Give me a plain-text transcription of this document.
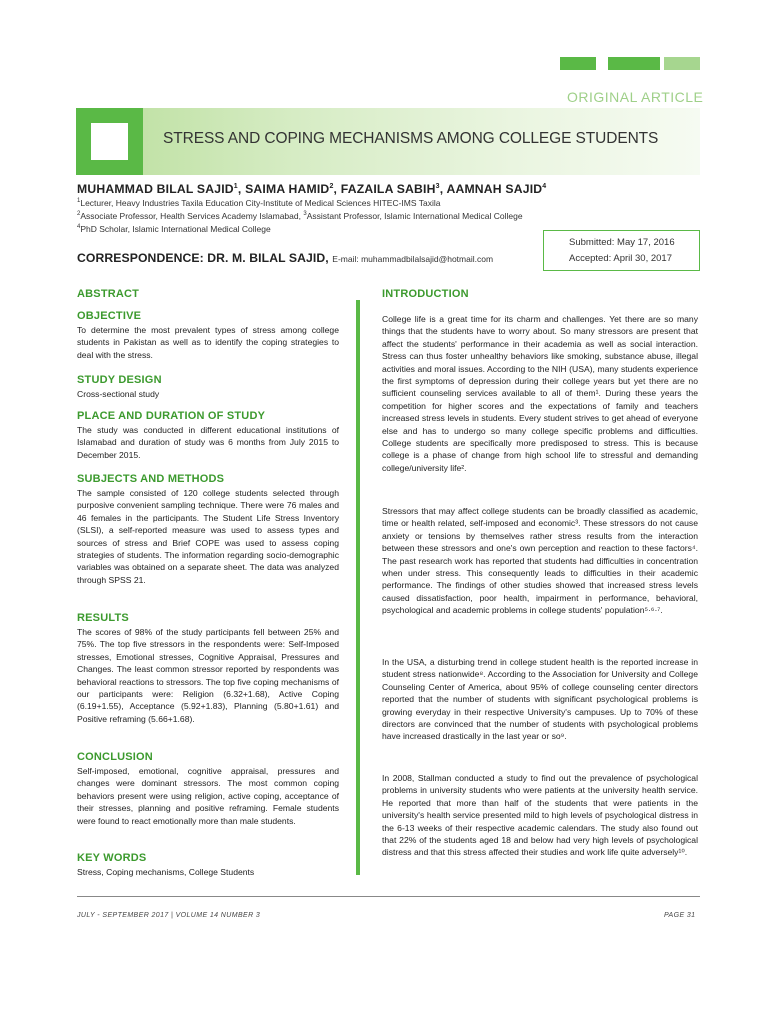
ORIGINAL ARTICLE
STRESS AND COPING MECHANISMS AMONG COLLEGE STUDENTS
MUHAMMAD BILAL SAJID$^1$, SAIMA HAMID$^2$, FAZAILA SABIH$^3$, AAMNAH SAJID$^4$
$^1$Lecturer, Heavy Industries Taxila Education City-Institute of Medical Sciences HITEC-IMS Taxila
$^2$Associate Professor, Health Services Academy Islamabad, $^3$Assistant Professor, Islamic International Medical College
$^4$PhD Scholar, Islamic International Medical College
CORRESPONDENCE: DR. M. BILAL SAJID, E-mail: muhammadbilalsajid@hotmail.com
Submitted: May 17, 2016
Accepted: April 30, 2017
ABSTRACT
OBJECTIVE

To determine the most prevalent types of stress among college students in Pakistan as well as to identify the coping strategies to deal with the stress.

STUDY DESIGN

Cross-sectional study

PLACE AND DURATION OF STUDY

The study was conducted in different educational institutions of Islamabad and duration of study was 6 months from July 2015 to December 2015.

SUBJECTS AND METHODS

The sample consisted of 120 college students selected through purposive convenient sampling technique. There were 76 males and 46 females in the participants. The Student Life Stress Inventory (SLSI), a self-reported measure was used to assess types and sources of stress and Brief COPE was used to assess coping strategies of students. The information regarding socio-demographic variables was obtained on a separate sheet. The data was analyzed through SPSS 21.

RESULTS

The scores of 98% of the study participants fell between 25% and 75%. The top five stressors in the respondents were: Self-Imposed stresses, Emotional stresses, Cognitive Appraisal, Pressures and Changes. The least common stressor reported by respondents was behavioral reactions to stressors. The top five coping mechanisms of our participants were: Religion (6.32+1.68), Active Coping (6.19+1.55), Acceptance (5.92+1.83), Planning (5.80+1.61) and Positive reframing (5.66+1.68).

CONCLUSION

Self-imposed, emotional, cognitive appraisal, pressures and changes were dominant stressors. The most common coping behaviors present were using religion, active coping, acceptance of their stresses, planning and positive reframing. Female students were found to react emotionally more than male students.

KEY WORDS

Stress, Coping mechanisms, College Students

INTRODUCTION

College life is a great time for its charm and challenges. Yet there are so many things that the students have to worry about. So many stressors are present that affect the students' performance in their academia as well as social interaction. Stress can thus foster unhealthy behaviors like smoking, substance abuse, illegal activities and moral issues. According to the NIH (USA), many students experience the first symptoms of depression during their college years but yet there are no sufficient counseling services available to all of them¹. During these years the competition for higher scores and the expectations of family and teachers increased stress levels in students. Every student strives to get ahead of everyone else and has to undergo so many college specific problems and difficulties. College students are specifically more predisposed to stress. This is because college is a phase of change from high school life to stressful and demanding college/university life².

Stressors that may affect college students can be broadly classified as academic, time or health related, self-imposed and economic³. These stressors do not cause anxiety or tensions by themselves rather stress results from the interaction between these stressors and one's own perception and reaction to these factors⁴. The past research work has reported that students had difficulties in concentration when under stress. This consequently leads to difficulties in their academic performance. The findings of other studies showed that increased stress levels caused dissatisfaction, poor health, impairment in performance, behavioral, psychological and academic problems in college students' population⁵·⁶·⁷.

In the USA, a disturbing trend in college student health is the reported increase in student stress nationwide⁸. According to the Association for University and College Counseling Center of America, about 95% of college counseling center directors reported that the number of students with significant psychological problems is growing everyday in their respective University's campuses. Up to 70% of these directors are convinced that the number of students with psychological problems have increased drastically in the last year or so⁹.

In 2008, Stallman conducted a study to find out the prevalence of psychological problems in university students who were patients at the university health service. He reported that more than half of the students that were patients in the university's health service presented mild to high levels of psychological distress in the 6-13 weeks of their respective academic calendars. The study also found out that 22% of the students aged 18 and below had very high levels of psychological distress and that this stress affected their studies and work life quite adversely¹⁰.

JULY - SEPTEMBER 2017 | VOLUME 14 NUMBER 3	PAGE 31
